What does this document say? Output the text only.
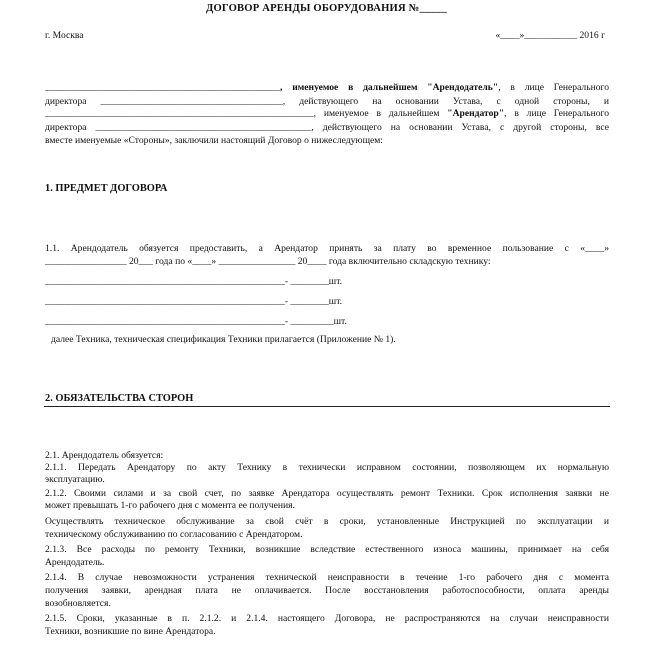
ДОГОВОР АРЕНДЫ ОБОРУДОВАНИЯ №_____
г. Москва	«____»___________ 2016 г
_________________________________________________, именуемое в дальнейшем "Арендодатель", в лице Генерального
директора ______________________________________, действующего на основании Устава, с одной стороны, и
________________________________________________________, именуемое в дальнейшем "Арендатор", в лице Генерального
директора _____________________________________________, действующего на основании Устава, с другой стороны, все
вместе именуемые «Стороны», заключили настоящий Договор о нижеследующем:
1. ПРЕДМЕТ ДОГОВОРА
1.1. Арендодатель обязуется предоставить, а Арендатор принять за плату во временное пользование с «____»
_________________ 20___ года по «____» ________________ 20____ года включительно складскую технику:
__________________________________________________- ________шт.
__________________________________________________- ________шт.
__________________________________________________- _________шт.
далее Техника, техническая спецификация Техники прилагается (Приложение № 1).
2. ОБЯЗАТЕЛЬСТВА СТОРОН
2.1. Арендодатель обязуется:
2.1.1. Передать Арендатору по акту Технику в технически исправном состоянии, позволяющем их нормальную
эксплуатацию.
2.1.2. Своими силами и за свой счет, по заявке Арендатора осуществлять ремонт Техники. Срок исполнения заявки не
может превышать 1-го рабочего дня с момента ее получения.
Осуществлять техническое обслуживание за свой счёт в сроки, установленные Инструкцией по эксплуатации и
техническому обслуживанию по согласованию с Арендатором.
2.1.3. Все расходы по ремонту Техники, возникшие вследствие естественного износа машины, принимает на себя
Арендодатель.
2.1.4. В случае невозможности устранения технической неисправности в течение 1-го рабочего дня с момента
получения заявки, арендная плата не оплачивается. После восстановления работоспособности, оплата аренды
возобновляется.
2.1.5. Сроки, указанные в п. 2.1.2. и 2.1.4. настоящего Договора, не распространяются на случаи неисправности
Техники, возникшие по вине Арендатора.
